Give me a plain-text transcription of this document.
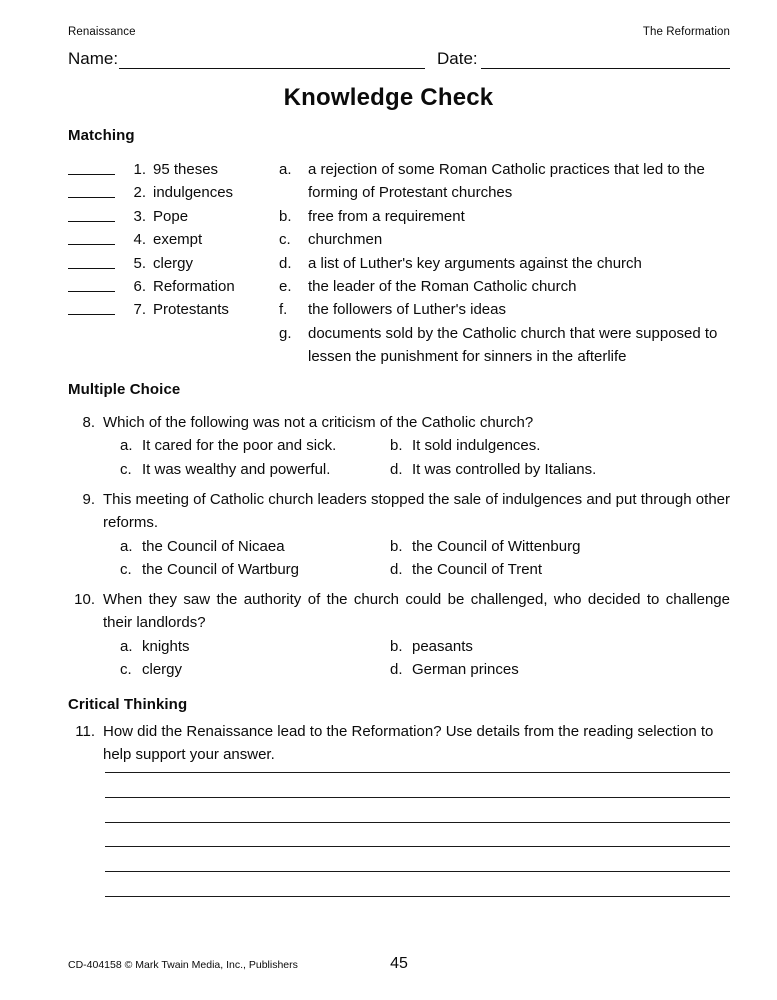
Renaissance	The Reformation
Name:	Date:
Knowledge Check
Matching
1. 95 theses
2. indulgences
3. Pope
4. exempt
5. clergy
6. Reformation
7. Protestants
a. a rejection of some Roman Catholic practices that led to the forming of Protestant churches
b. free from a requirement
c.	churchmen
d. a list of Luther's key arguments against the church
e. the leader of the Roman Catholic church
f.	the followers of Luther's ideas
g. documents sold by the Catholic church that were supposed to lessen the punishment for sinners in the afterlife
Multiple Choice
8. Which of the following was not a criticism of the Catholic church?
a. It cared for the poor and sick.	b. It sold indulgences.
c. It was wealthy and powerful.	d. It was controlled by Italians.
9. This meeting of Catholic church leaders stopped the sale of indulgences and put through other reforms.
a. the Council of Nicaea	b. the Council of Wittenburg
c. the Council of Wartburg	d. the Council of Trent
10. When they saw the authority of the church could be challenged, who decided to challenge their landlords?
a. knights	b. peasants
c. clergy	d. German princes
Critical Thinking
11. How did the Renaissance lead to the Reformation? Use details from the reading selection to help support your answer.
CD-404158 © Mark Twain Media, Inc., Publishers	45
